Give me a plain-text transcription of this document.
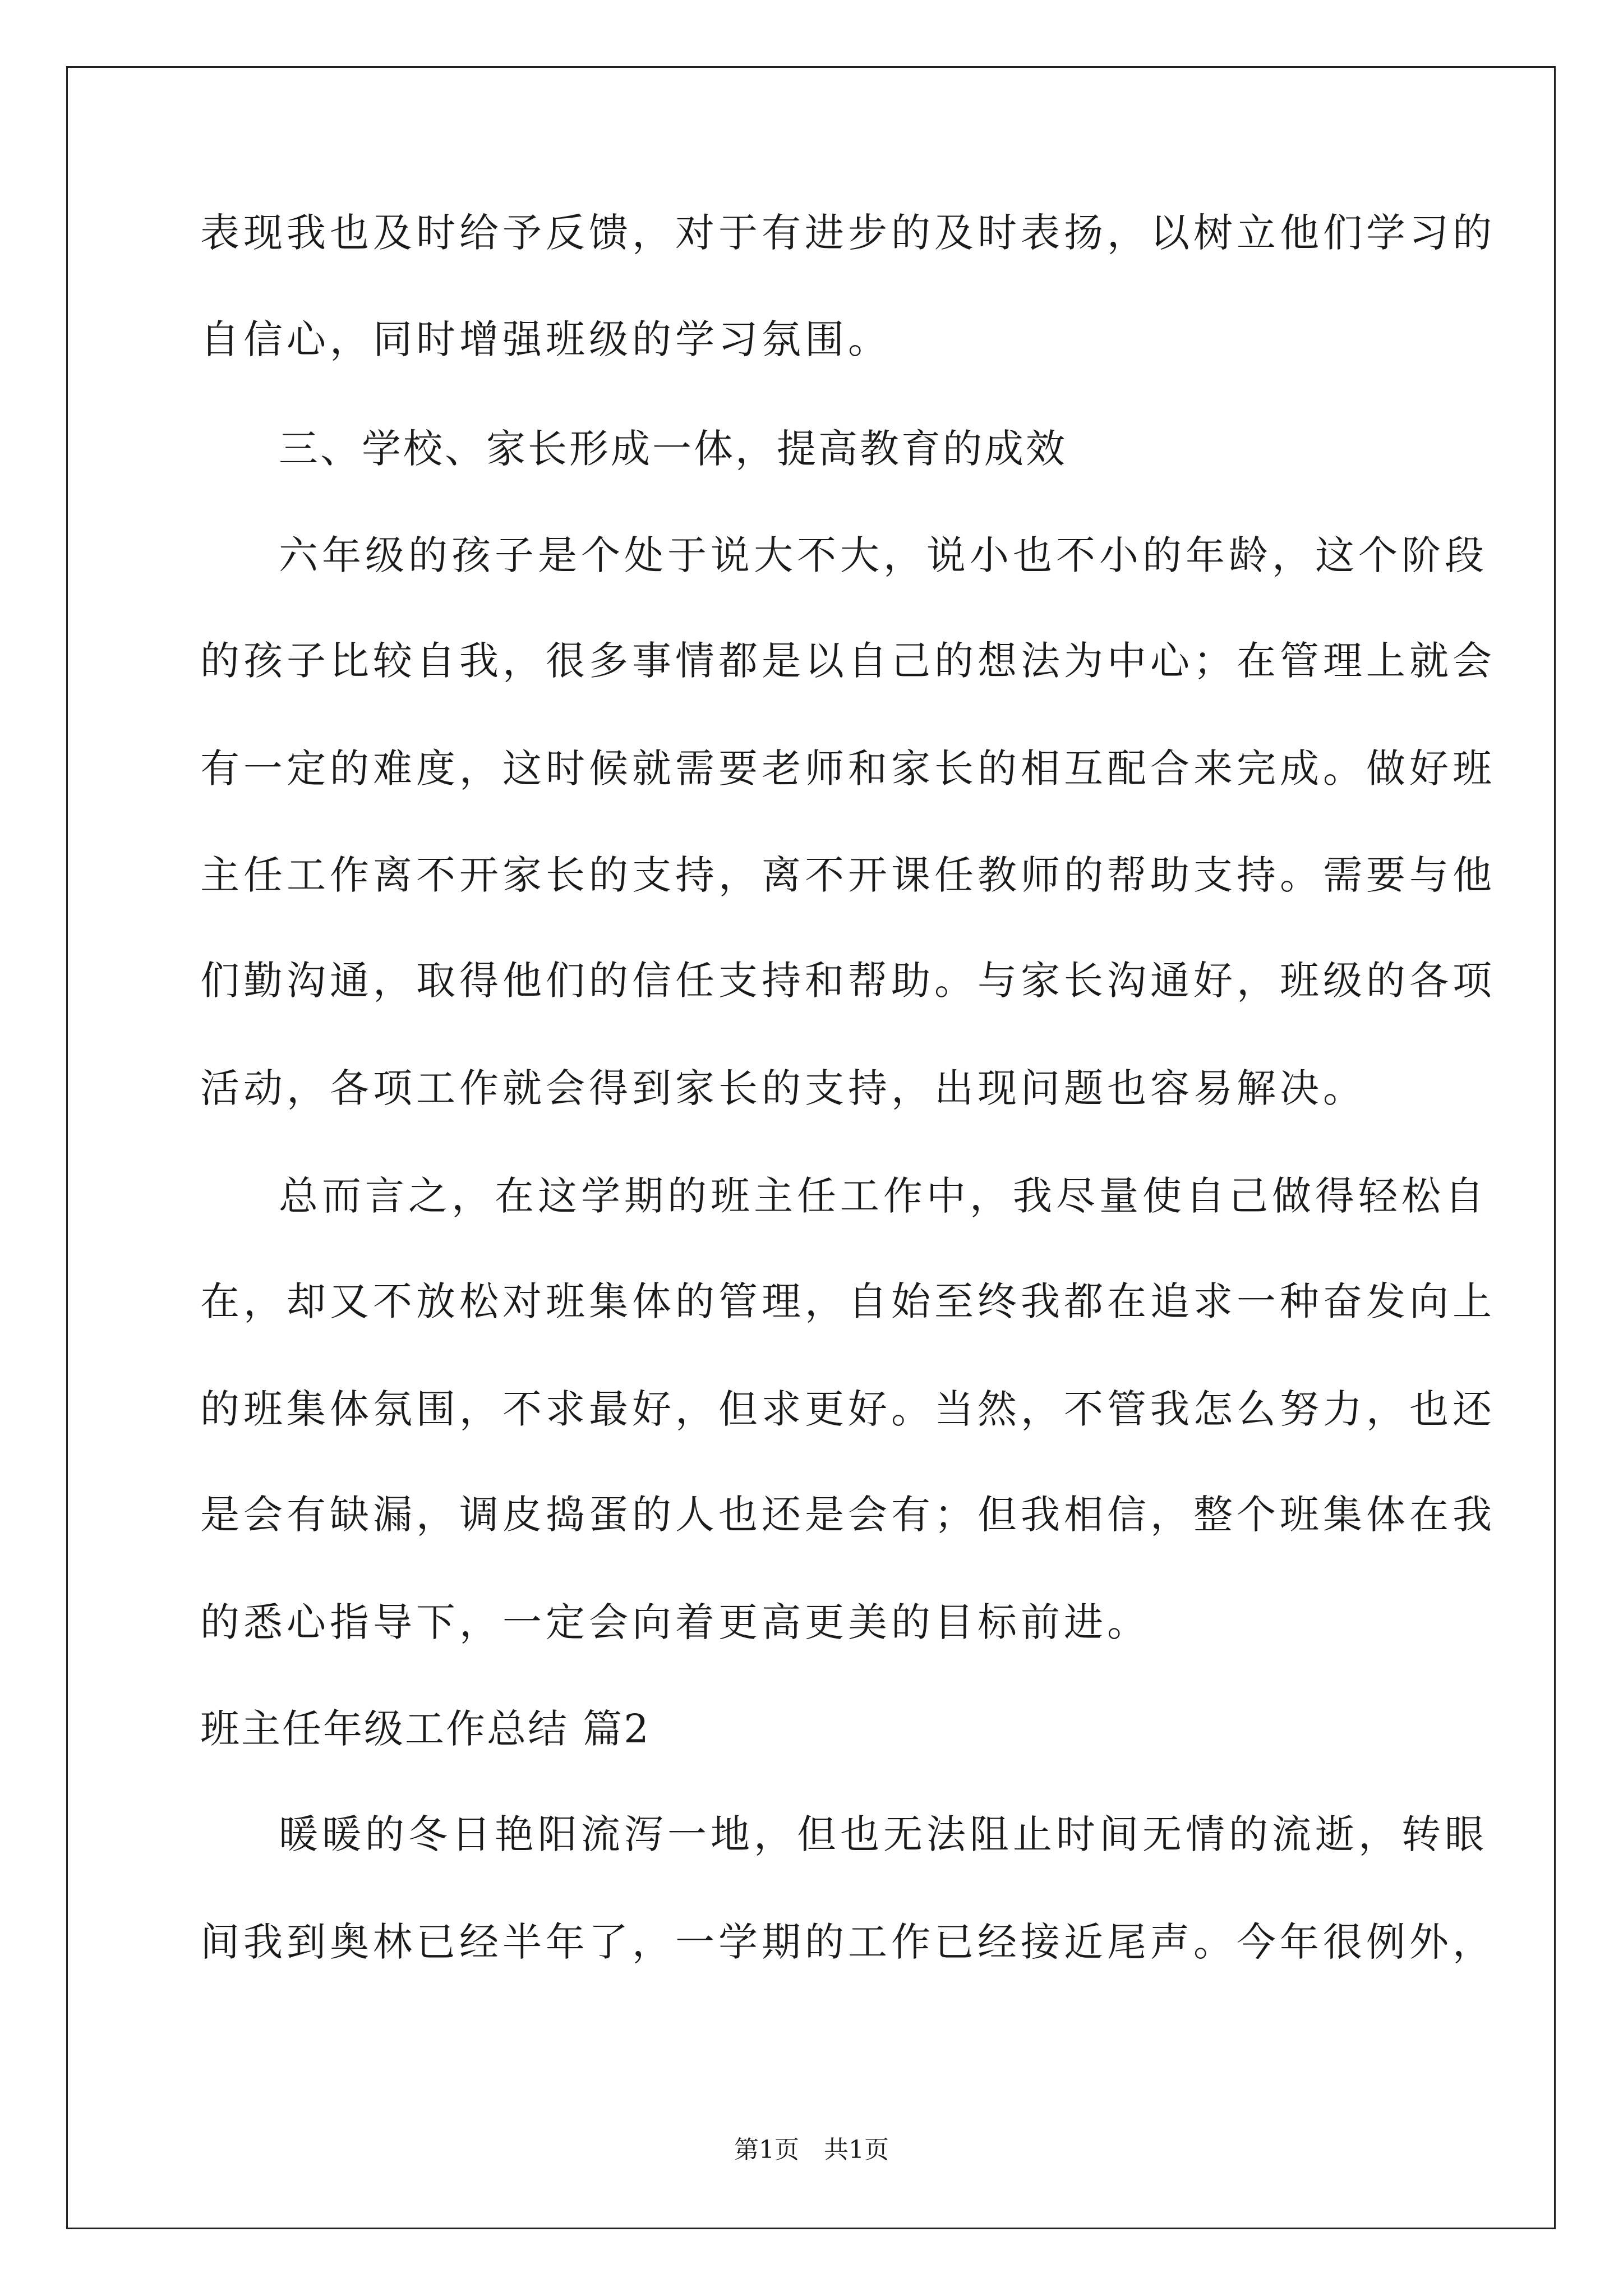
表现我也及时给予反馈，对于有进步的及时表扬，以树立他们学习的
自信心，同时增强班级的学习氛围。
三、学校、家长形成一体，提高教育的成效
六年级的孩子是个处于说大不大，说小也不小的年龄，这个阶段
的孩子比较自我，很多事情都是以自己的想法为中心；在管理上就会
有一定的难度，这时候就需要老师和家长的相互配合来完成。做好班
主任工作离不开家长的支持，离不开课任教师的帮助支持。需要与他
们勤沟通，取得他们的信任支持和帮助。与家长沟通好，班级的各项
活动，各项工作就会得到家长的支持，出现问题也容易解决。
总而言之，在这学期的班主任工作中，我尽量使自己做得轻松自
在，却又不放松对班集体的管理，自始至终我都在追求一种奋发向上
的班集体氛围，不求最好，但求更好。当然，不管我怎么努力，也还
是会有缺漏，调皮捣蛋的人也还是会有；但我相信，整个班集体在我
的悉心指导下，一定会向着更高更美的目标前进。
班主任年级工作总结 篇2
暖暖的冬日艳阳流泻一地，但也无法阻止时间无情的流逝，转眼
间我到奥林已经半年了，一学期的工作已经接近尾声。今年很例外，
第1页　共1页
